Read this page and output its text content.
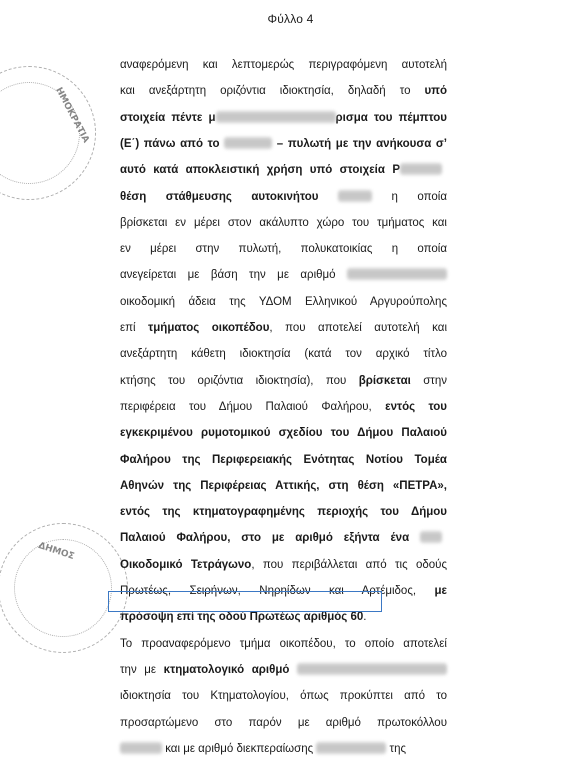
Φύλλο 4
ΗΜΟΚΡΑΤΙΑ
ΔΗΜΟΣ
αναφερόμενη και λεπτομερώς περιγραφόμενη αυτοτελή
και ανεξάρτητη οριζόντια ιδιοκτησία, δηλαδή το υπό
στοιχεία πέντε μ	ρισμα του πέμπτου
(Ε΄) πάνω από το	– πυλωτή με την ανήκουσα σ’
αυτό κατά αποκλειστική χρήση υπό στοιχεία Ρ
θέση στάθμευσης αυτοκινήτου	η οποία
βρίσκεται εν μέρει στον ακάλυπτο χώρο του τμήματος και
εν μέρει στην πυλωτή, πολυκατοικίας η οποία
ανεγείρεται με βάση την με αριθμό
οικοδομική άδεια της ΥΔΟΜ Ελληνικού Αργυρούπολης
επί τμήματος οικοπέδου, που αποτελεί αυτοτελή και
ανεξάρτητη κάθετη ιδιοκτησία (κατά τον αρχικό τίτλο
κτήσης του οριζόντια ιδιοκτησία), που βρίσκεται στην
περιφέρεια του Δήμου Παλαιού Φαλήρου, εντός του
εγκεκριμένου ρυμοτομικού σχεδίου του Δήμου Παλαιού
Φαλήρου της Περιφερειακής Ενότητας Νοτίου Τομέα
Αθηνών της Περιφέρειας Αττικής, στη θέση «ΠΕΤΡΑ»,
εντός της κτηματογραφημένης περιοχής του Δήμου
Παλαιού Φαλήρου, στο με αριθμό εξήντα ένα
Οικοδομικό Τετράγωνο, που περιβάλλεται από τις οδούς
Πρωτέως, Σειρήνων, Νηρηίδων και Αρτέμιδος, με
πρόσοψη επί της οδού Πρωτέως αριθμός 60.
Το προαναφερόμενο τμήμα οικοπέδου, το οποίο αποτελεί
την με κτηματολογικό αριθμό
ιδιοκτησία του Κτηματολογίου, όπως προκύπτει από το
προσαρτώμενο στο παρόν με αριθμό πρωτοκόλλου
και με αριθμό διεκπεραίωσης	της
